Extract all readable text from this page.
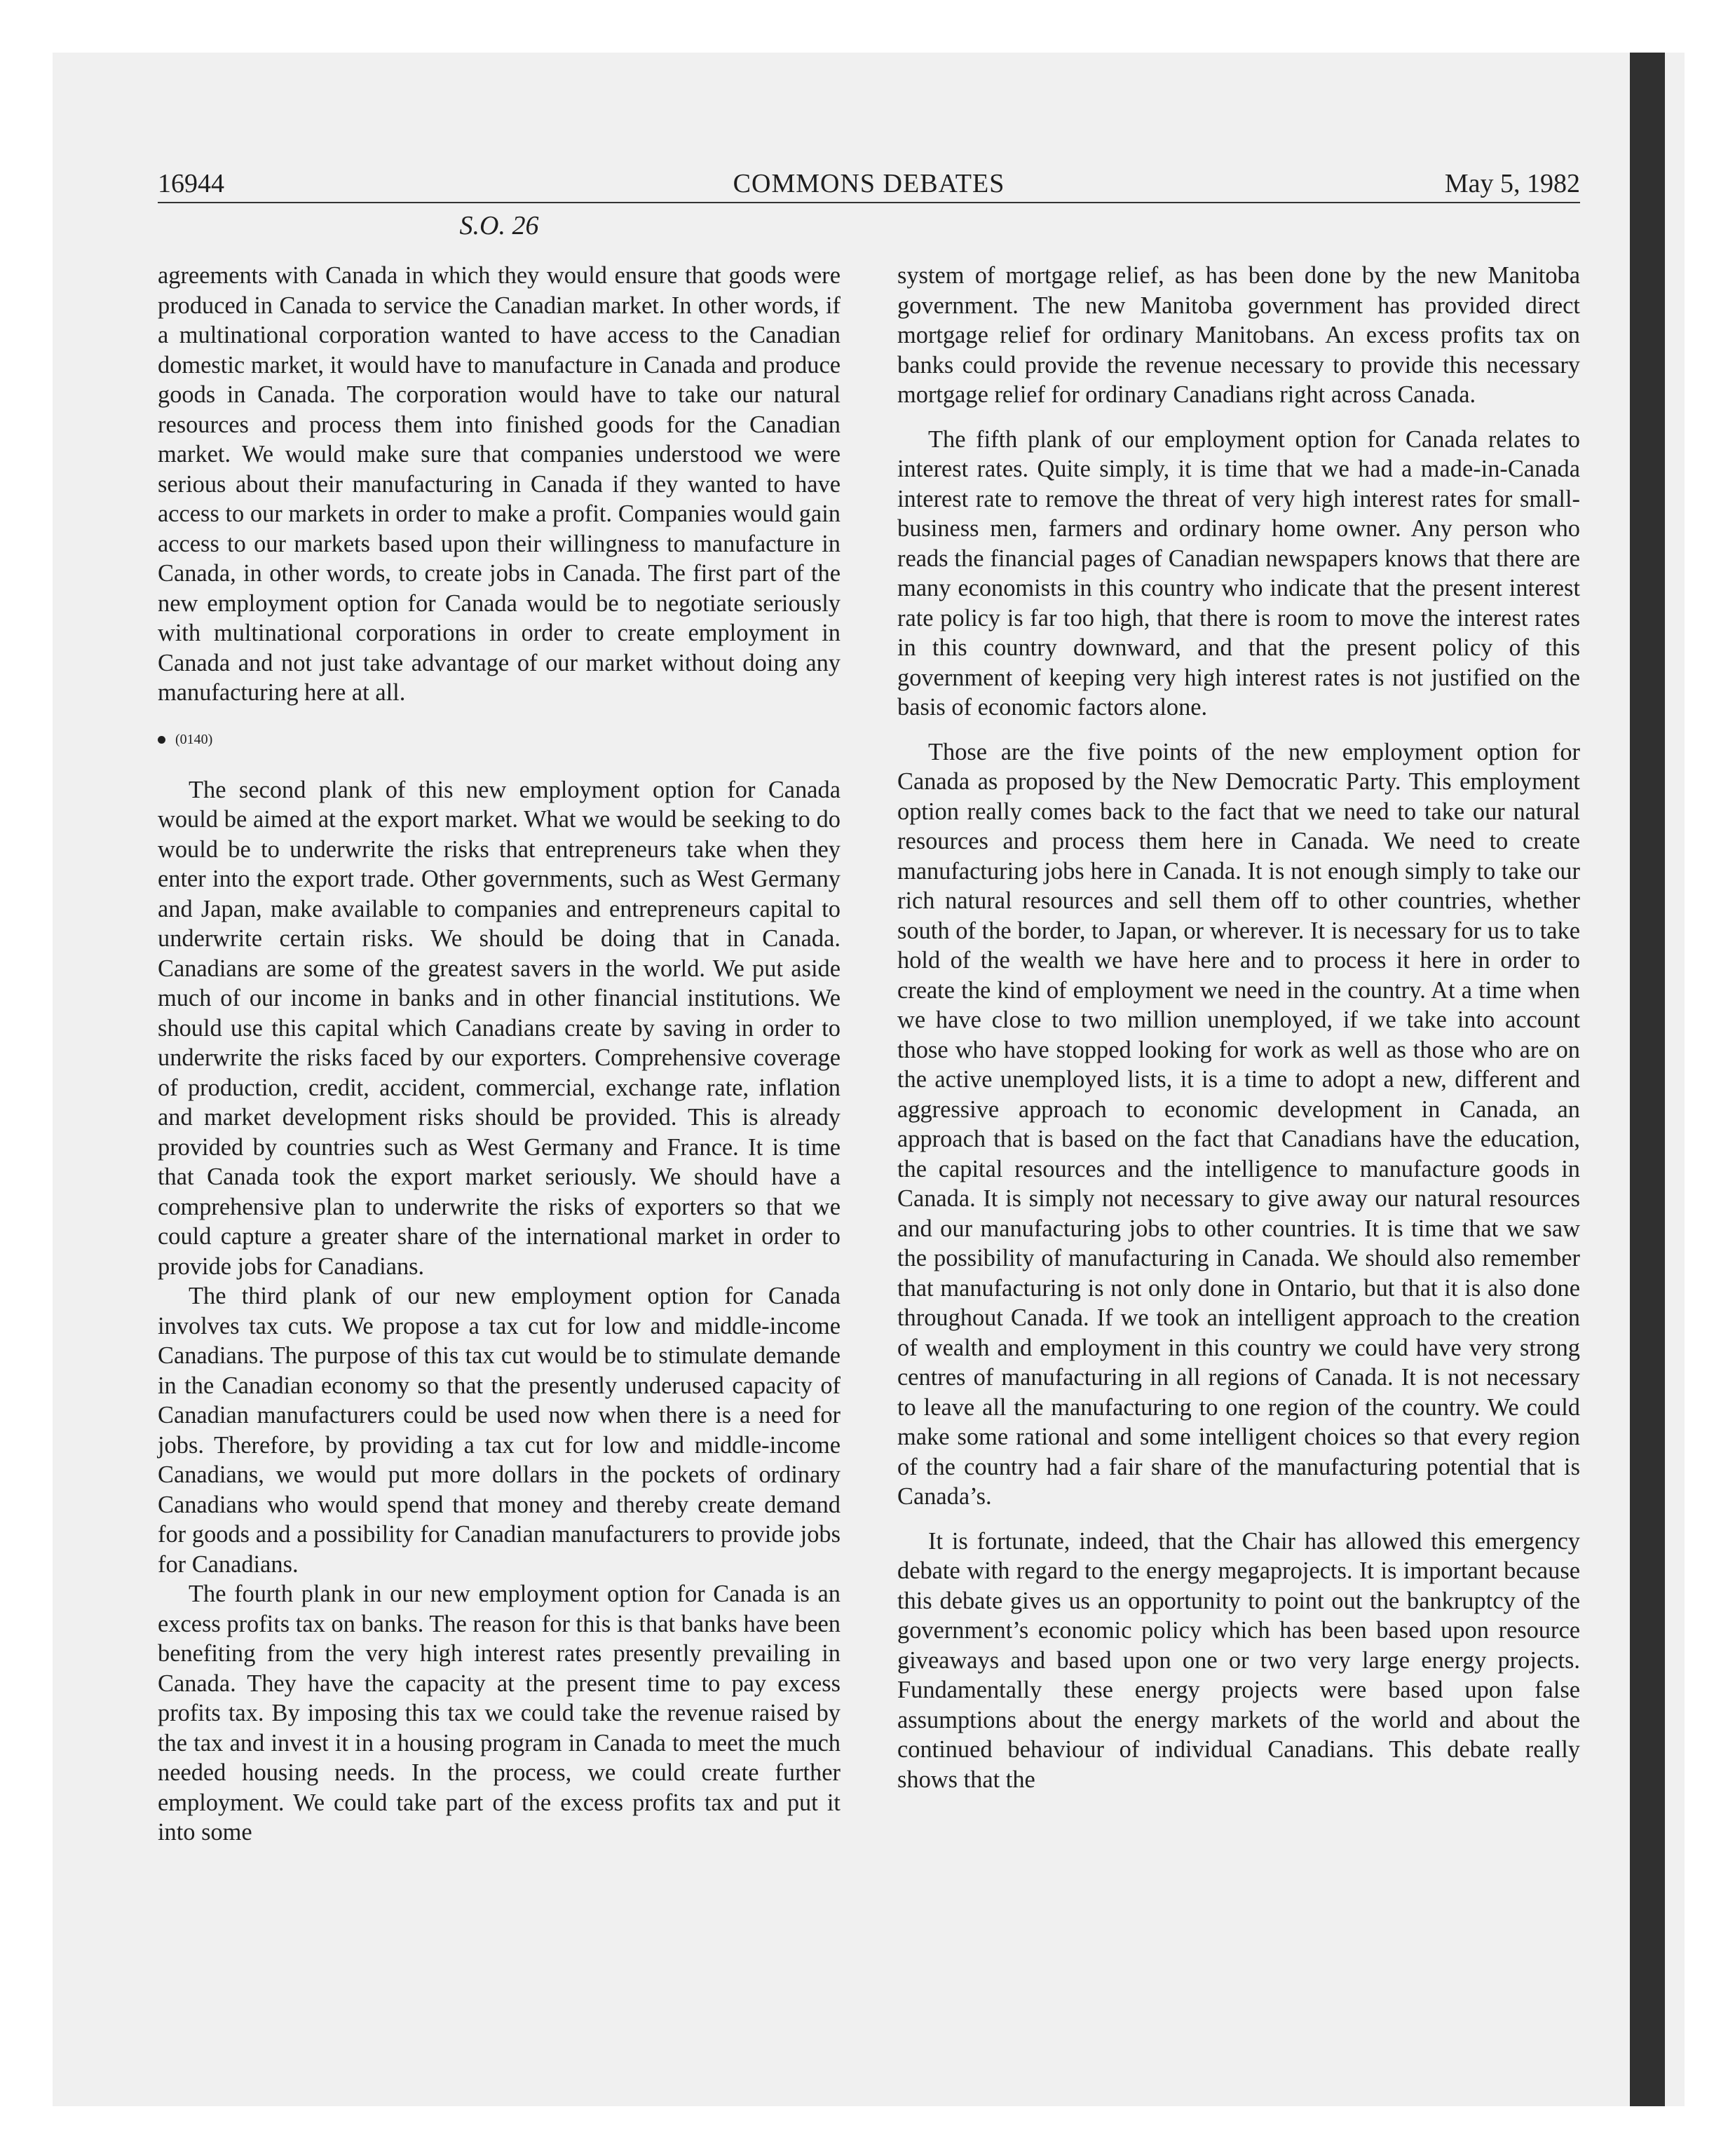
16944	COMMONS DEBATES	May 5, 1982
S.O. 26

agreements with Canada in which they would ensure that goods were produced in Canada to service the Canadian market. In other words, if a multinational corporation wanted to have access to the Canadian domestic market, it would have to manufacture in Canada and produce goods in Canada. The corporation would have to take our natural resources and process them into finished goods for the Canadian market. We would make sure that companies understood we were serious about their manufacturing in Canada if they wanted to have access to our markets in order to make a profit. Companies would gain access to our markets based upon their willingness to manufacture in Canada, in other words, to create jobs in Canada. The first part of the new employment option for Canada would be to negotiate seriously with multinational corporations in order to create employment in Canada and not just take advantage of our market without doing any manufacturing here at all.

(0140)

The second plank of this new employment option for Canada would be aimed at the export market. What we would be seeking to do would be to underwrite the risks that entrepreneurs take when they enter into the export trade. Other governments, such as West Germany and Japan, make available to companies and entrepreneurs capital to underwrite certain risks. We should be doing that in Canada. Canadians are some of the greatest savers in the world. We put aside much of our income in banks and in other financial institutions. We should use this capital which Canadians create by saving in order to underwrite the risks faced by our exporters. Comprehensive coverage of production, credit, accident, commercial, exchange rate, inflation and market development risks should be provided. This is already provided by countries such as West Germany and France. It is time that Canada took the export market seriously. We should have a comprehensive plan to underwrite the risks of exporters so that we could capture a greater share of the international market in order to provide jobs for Canadians.

The third plank of our new employment option for Canada involves tax cuts. We propose a tax cut for low and middle-income Canadians. The purpose of this tax cut would be to stimulate demande in the Canadian economy so that the presently underused capacity of Canadian manufacturers could be used now when there is a need for jobs. Therefore, by providing a tax cut for low and middle-income Canadians, we would put more dollars in the pockets of ordinary Canadians who would spend that money and thereby create demand for goods and a possibility for Canadian manufacturers to provide jobs for Canadians.

The fourth plank in our new employment option for Canada is an excess profits tax on banks. The reason for this is that banks have been benefiting from the very high interest rates presently prevailing in Canada. They have the capacity at the present time to pay excess profits tax. By imposing this tax we could take the revenue raised by the tax and invest it in a housing program in Canada to meet the much needed housing needs. In the process, we could create further employment. We could take part of the excess profits tax and put it into some

system of mortgage relief, as has been done by the new Manitoba government. The new Manitoba government has provided direct mortgage relief for ordinary Manitobans. An excess profits tax on banks could provide the revenue necessary to provide this necessary mortgage relief for ordinary Canadians right across Canada.

The fifth plank of our employment option for Canada relates to interest rates. Quite simply, it is time that we had a made-in-Canada interest rate to remove the threat of very high interest rates for small-business men, farmers and ordinary home owner. Any person who reads the financial pages of Canadian newspapers knows that there are many economists in this country who indicate that the present interest rate policy is far too high, that there is room to move the interest rates in this country downward, and that the present policy of this government of keeping very high interest rates is not justified on the basis of economic factors alone.

Those are the five points of the new employment option for Canada as proposed by the New Democratic Party. This employment option really comes back to the fact that we need to take our natural resources and process them here in Canada. We need to create manufacturing jobs here in Canada. It is not enough simply to take our rich natural resources and sell them off to other countries, whether south of the border, to Japan, or wherever. It is necessary for us to take hold of the wealth we have here and to process it here in order to create the kind of employment we need in the country. At a time when we have close to two million unemployed, if we take into account those who have stopped looking for work as well as those who are on the active unemployed lists, it is a time to adopt a new, different and aggressive approach to economic development in Canada, an approach that is based on the fact that Canadians have the education, the capital resources and the intelligence to manufacture goods in Canada. It is simply not necessary to give away our natural resources and our manufacturing jobs to other countries. It is time that we saw the possibility of manufacturing in Canada. We should also remember that manufacturing is not only done in Ontario, but that it is also done throughout Canada. If we took an intelligent approach to the creation of wealth and employment in this country we could have very strong centres of manufacturing in all regions of Canada. It is not necessary to leave all the manufacturing to one region of the country. We could make some rational and some intelligent choices so that every region of the country had a fair share of the manufacturing potential that is Canada’s.

It is fortunate, indeed, that the Chair has allowed this emergency debate with regard to the energy megaprojects. It is important because this debate gives us an opportunity to point out the bankruptcy of the government’s economic policy which has been based upon resource giveaways and based upon one or two very large energy projects. Fundamentally these energy projects were based upon false assumptions about the energy markets of the world and about the continued behaviour of individual Canadians. This debate really shows that the
